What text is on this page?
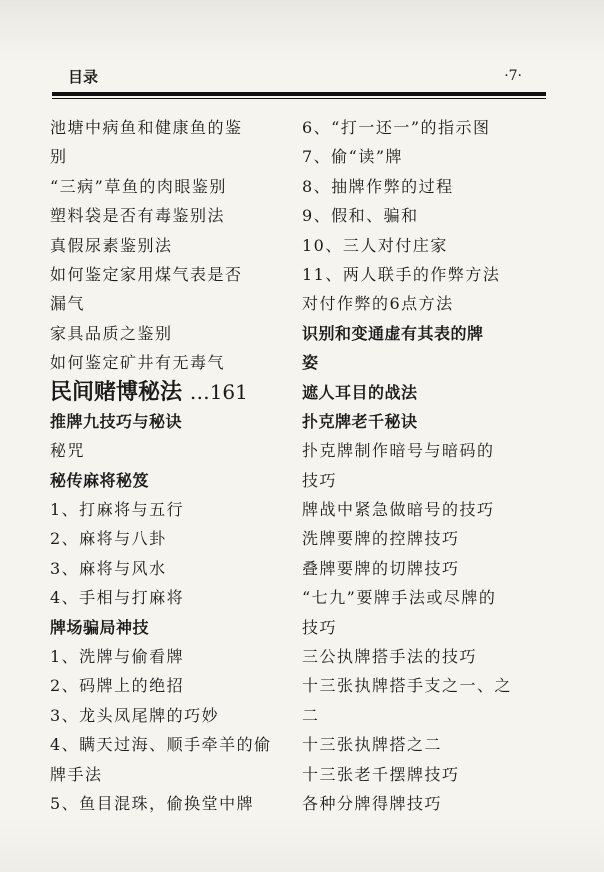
目录	·7·
池塘中病鱼和健康鱼的鉴
别
“三病”草鱼的肉眼鉴别
塑料袋是否有毒鉴别法
真假尿素鉴别法
如何鉴定家用煤气表是否
漏气
家具品质之鉴别
如何鉴定矿井有无毒气
民间赌博秘法 …161
推牌九技巧与秘诀
秘咒
秘传麻将秘笈
1、打麻将与五行
2、麻将与八卦
3、麻将与风水
4、手相与打麻将
牌场骗局神技
1、洗牌与偷看牌
2、码牌上的绝招
3、龙头凤尾牌的巧妙
4、瞒天过海、顺手牵羊的偷
牌手法
5、鱼目混珠，偷换堂中牌
6、“打一还一”的指示图
7、偷“读”牌
8、抽牌作弊的过程
9、假和、骗和
10、三人对付庄家
11、两人联手的作弊方法
对付作弊的6点方法
识别和变通虚有其表的牌
姿
遮人耳目的战法
扑克牌老千秘诀
扑克牌制作暗号与暗码的
技巧
牌战中紧急做暗号的技巧
洗牌要牌的控牌技巧
叠牌要牌的切牌技巧
“七九”要牌手法或尽牌的
技巧
三公执牌搭手法的技巧
十三张执牌搭手支之一、之
二
十三张执牌搭之二
十三张老千摆牌技巧
各种分牌得牌技巧
